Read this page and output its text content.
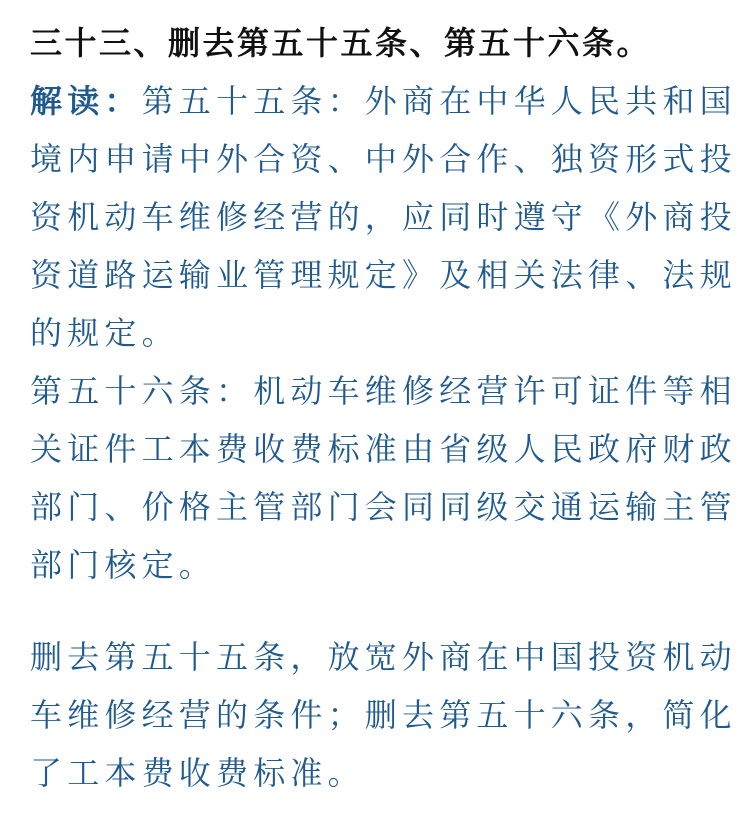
三十三、删去第五十五条、第五十六条。
解读：第五十五条：外商在中华人民共和国
境内申请中外合资、中外合作、独资形式投
资机动车维修经营的，应同时遵守《外商投
资道路运输业管理规定》及相关法律、法规
的规定。
第五十六条：机动车维修经营许可证件等相
关证件工本费收费标准由省级人民政府财政
部门、价格主管部门会同同级交通运输主管
部门核定。
删去第五十五条，放宽外商在中国投资机动
车维修经营的条件；删去第五十六条，简化
了工本费收费标准。
